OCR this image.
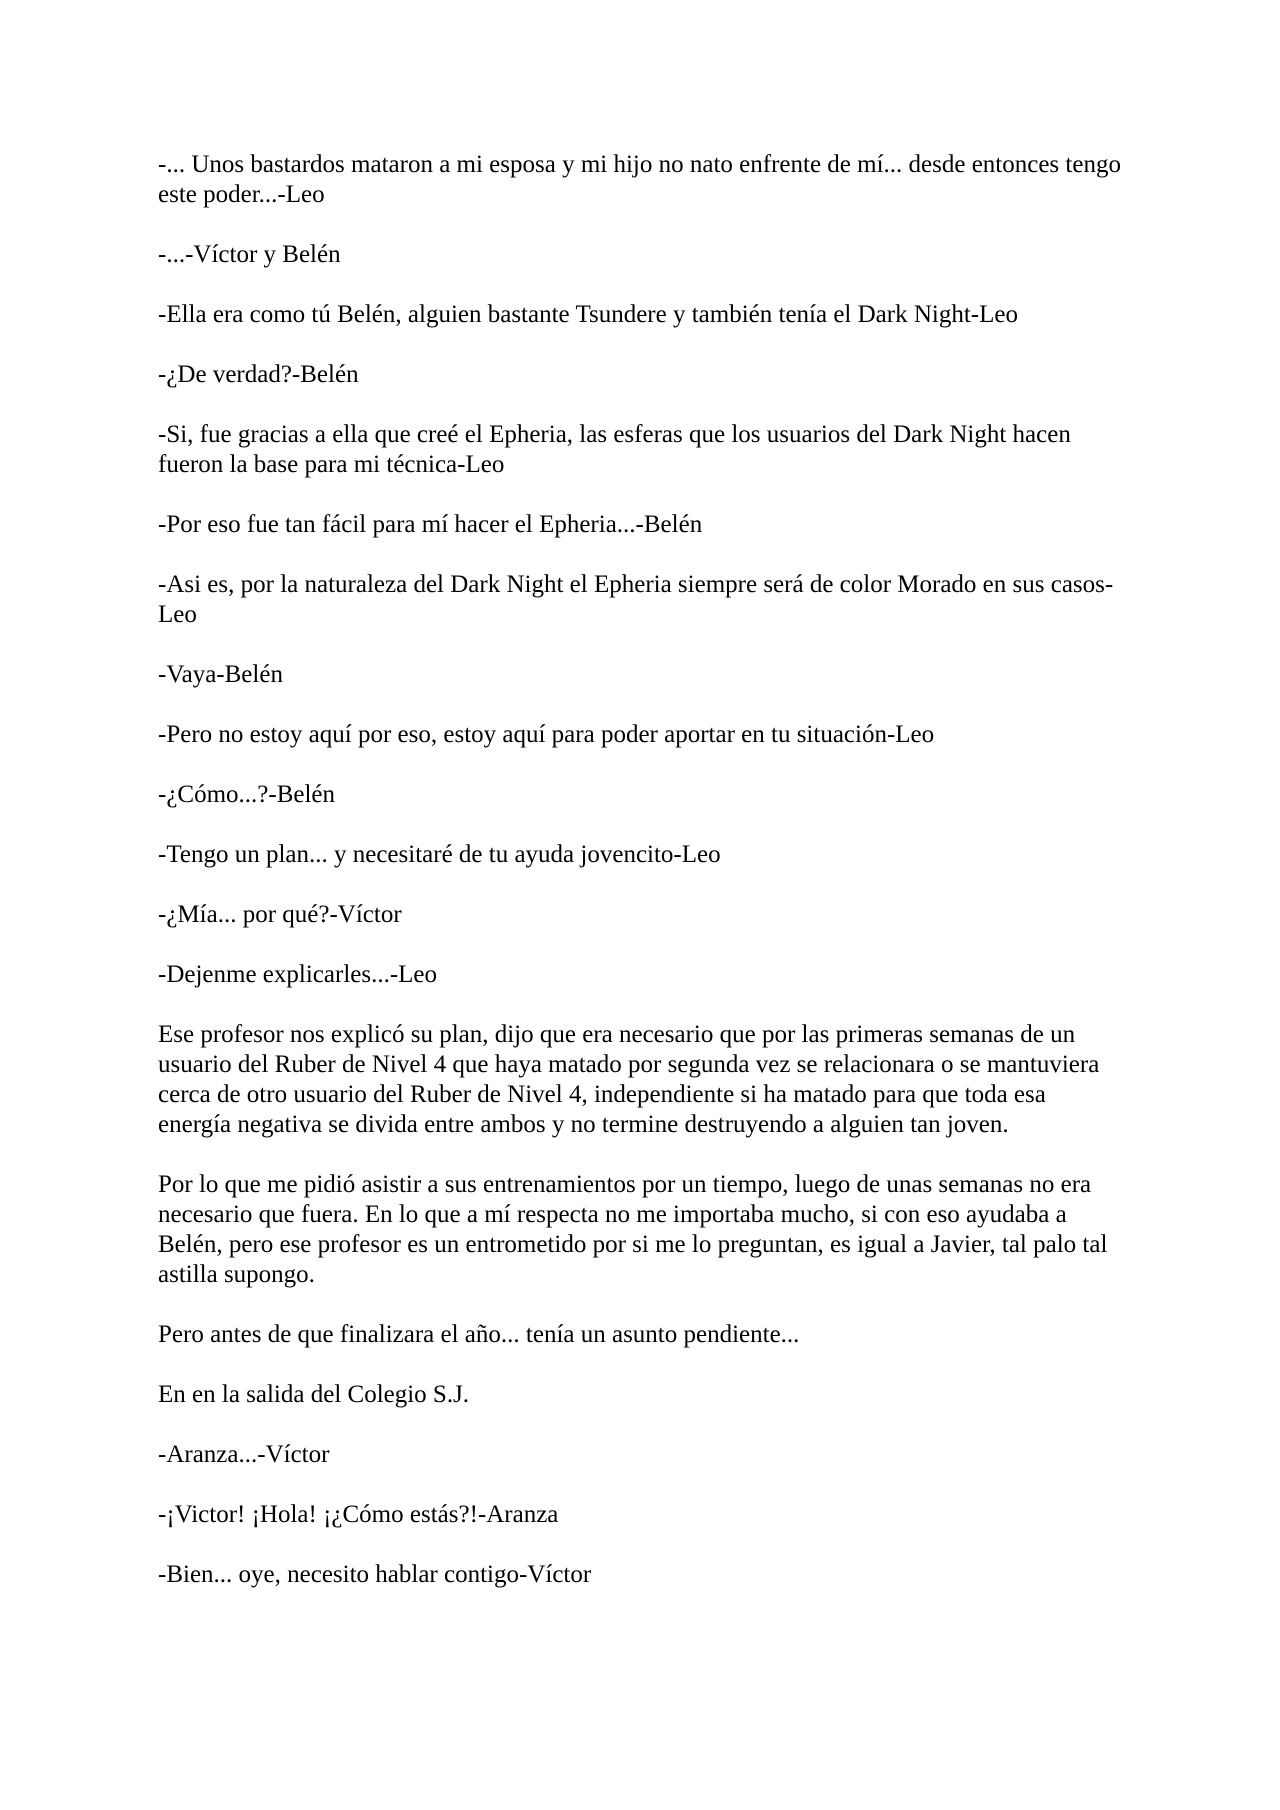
-... Unos bastardos mataron a mi esposa y mi hijo no nato enfrente de mí... desde entonces tengo este poder...-Leo

-...-Víctor y Belén

-Ella era como tú Belén, alguien bastante Tsundere y también tenía el Dark Night-Leo

-¿De verdad?-Belén

-Si, fue gracias a ella que creé el Epheria, las esferas que los usuarios del Dark Night hacen fueron la base para mi técnica-Leo

-Por eso fue tan fácil para mí hacer el Epheria...-Belén

-Asi es, por la naturaleza del Dark Night el Epheria siempre será de color Morado en sus casos-Leo

-Vaya-Belén

-Pero no estoy aquí por eso, estoy aquí para poder aportar en tu situación-Leo

-¿Cómo...?-Belén

-Tengo un plan... y necesitaré de tu ayuda jovencito-Leo

-¿Mía... por qué?-Víctor

-Dejenme explicarles...-Leo

Ese profesor nos explicó su plan, dijo que era necesario que por las primeras semanas de un usuario del Ruber de Nivel 4 que haya matado por segunda vez se relacionara o se mantuviera cerca de otro usuario del Ruber de Nivel 4, independiente si ha matado para que toda esa energía negativa se divida entre ambos y no termine destruyendo a alguien tan joven.

Por lo que me pidió asistir a sus entrenamientos por un tiempo, luego de unas semanas no era necesario que fuera. En lo que a mí respecta no me importaba mucho, si con eso ayudaba a Belén, pero ese profesor es un entrometido por si me lo preguntan, es igual a Javier, tal palo tal astilla supongo.

Pero antes de que finalizara el año... tenía un asunto pendiente...

En en la salida del Colegio S.J.

-Aranza...-Víctor

-¡Victor! ¡Hola! ¡¿Cómo estás?!-Aranza

-Bien... oye, necesito hablar contigo-Víctor
